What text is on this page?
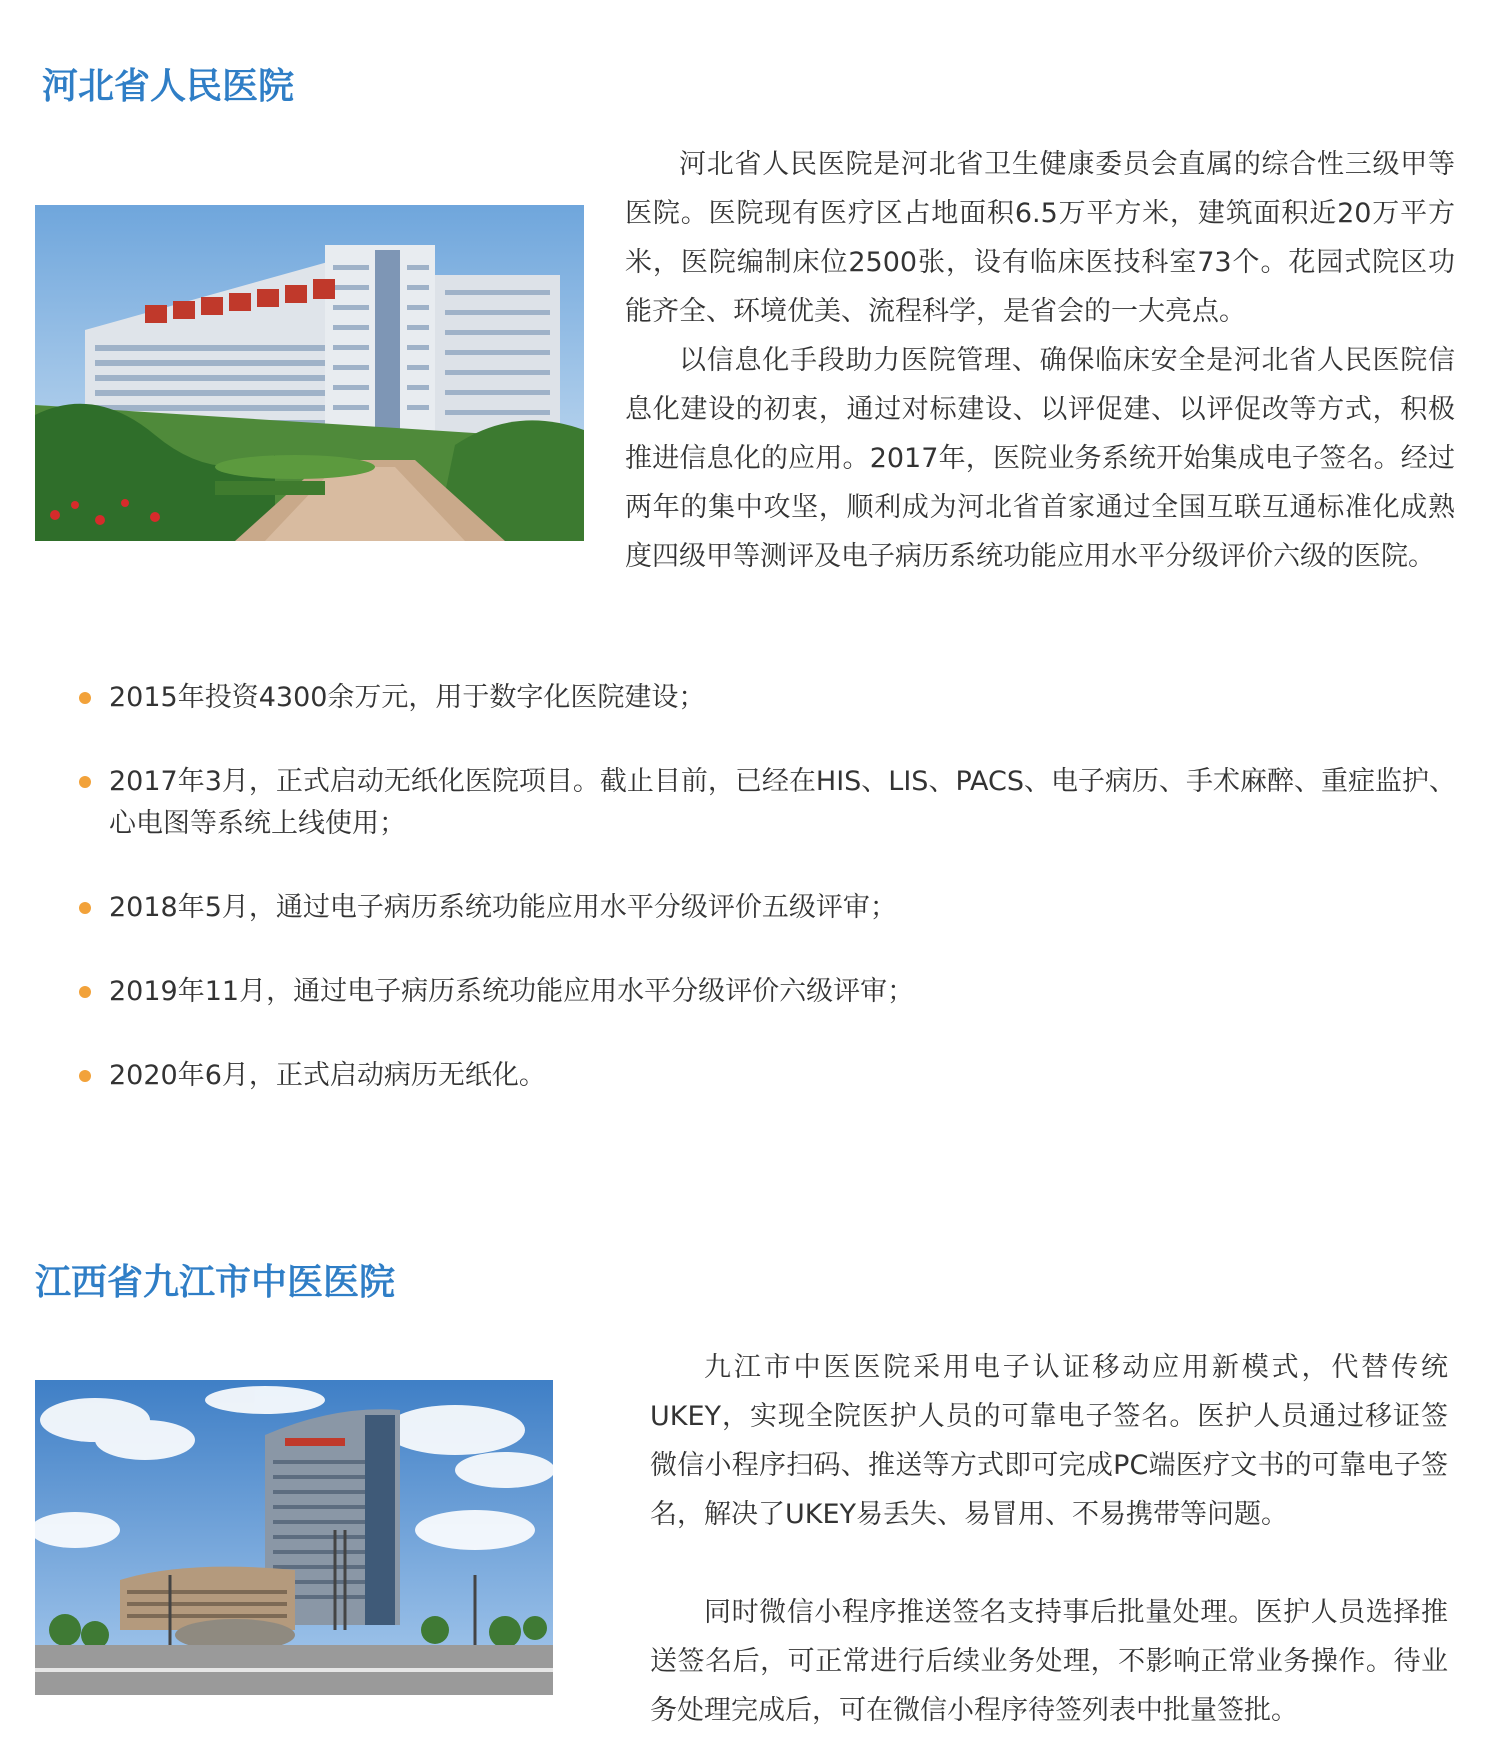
河北省人民医院

河北省人民医院是河北省卫生健康委员会直属的综合性三级甲等医院。医院现有医疗区占地面积6.5万平方米，建筑面积近20万平方米，医院编制床位2500张，设有临床医技科室73个。花园式院区功能齐全、环境优美、流程科学，是省会的一大亮点。

以信息化手段助力医院管理、确保临床安全是河北省人民医院信息化建设的初衷，通过对标建设、以评促建、以评促改等方式，积极推进信息化的应用。2017年，医院业务系统开始集成电子签名。经过两年的集中攻坚，顺利成为河北省首家通过全国互联互通标准化成熟度四级甲等测评及电子病历系统功能应用水平分级评价六级的医院。

2015年投资4300余万元，用于数字化医院建设；
2017年3月，正式启动无纸化医院项目。截止目前，已经在HIS、LIS、PACS、电子病历、手术麻醉、重症监护、心电图等系统上线使用；
2018年5月，通过电子病历系统功能应用水平分级评价五级评审；
2019年11月，通过电子病历系统功能应用水平分级评价六级评审；
2020年6月，正式启动病历无纸化。
江西省九江市中医医院

九江市中医医院采用电子认证移动应用新模式，代替传统UKEY，实现全院医护人员的可靠电子签名。医护人员通过移证签微信小程序扫码、推送等方式即可完成PC端医疗文书的可靠电子签名，解决了UKEY易丢失、易冒用、不易携带等问题。

同时微信小程序推送签名支持事后批量处理。医护人员选择推送签名后，可正常进行后续业务处理，不影响正常业务操作。待业务处理完成后，可在微信小程序待签列表中批量签批。
